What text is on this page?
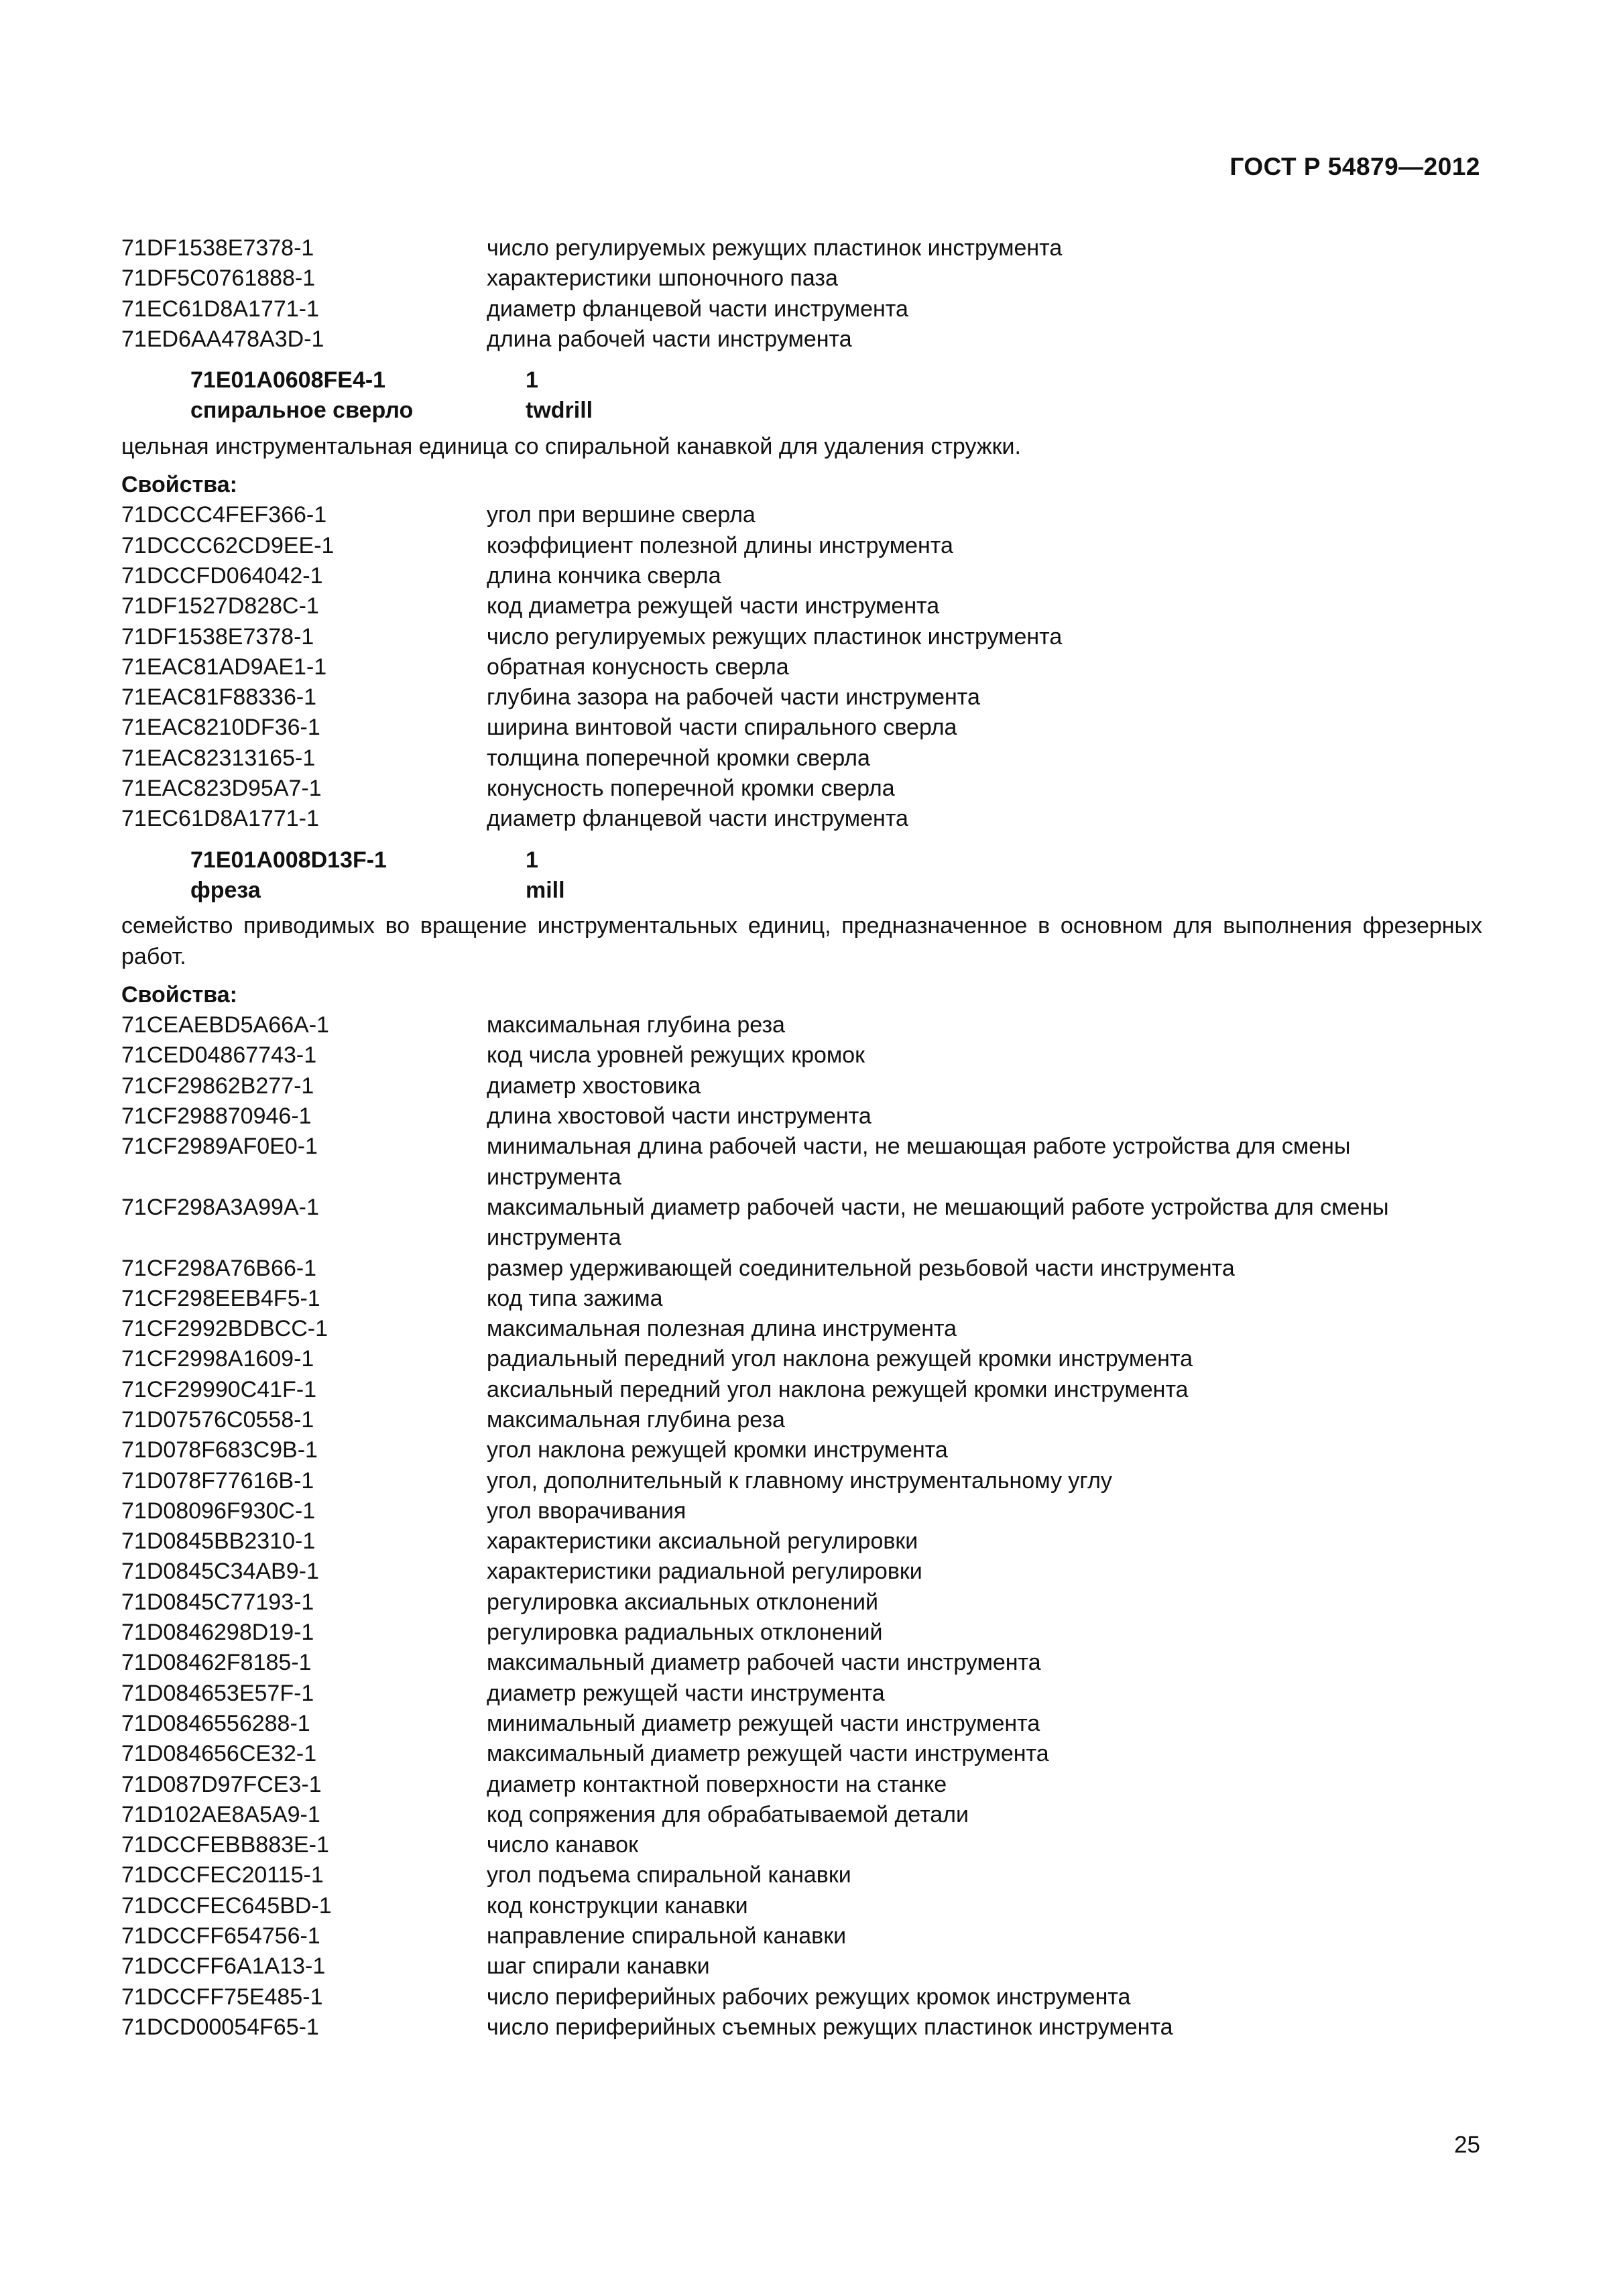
ГОСТ Р 54879—2012
71DF1538E7378-1	число регулируемых режущих пластинок инструмента
71DF5C0761888-1	характеристики шпоночного паза
71EC61D8A1771-1	диаметр фланцевой части инструмента
71ED6AA478A3D-1	длина рабочей части инструмента
71E01A0608FE4-1	1
спиральное сверло	twdrill
цельная инструментальная единица со спиральной канавкой для удаления стружки.
Свойства:
71DCCC4FEF366-1	угол при вершине сверла
71DCCC62CD9EE-1	коэффициент полезной длины инструмента
71DCCFD064042-1	длина кончика сверла
71DF1527D828C-1	код диаметра режущей части инструмента
71DF1538E7378-1	число регулируемых режущих пластинок инструмента
71EAC81AD9AE1-1	обратная конусность сверла
71EAC81F88336-1	глубина зазора на рабочей части инструмента
71EAC8210DF36-1	ширина винтовой части спирального сверла
71EAC82313165-1	толщина поперечной кромки сверла
71EAC823D95A7-1	конусность поперечной кромки сверла
71EC61D8A1771-1	диаметр фланцевой части инструмента
71E01A008D13F-1	1
фреза	mill
семейство приводимых во вращение инструментальных единиц, предназначенное в основном для выполнения фрезерных работ.
Свойства:
71CEAEBD5A66A-1	максимальная глубина реза
71CED04867743-1	код числа уровней режущих кромок
71CF29862B277-1	диаметр хвостовика
71CF298870946-1	длина хвостовой части инструмента
71CF2989AF0E0-1	минимальная длина рабочей части, не мешающая работе устройства для смены инструмента
71CF298A3A99A-1	максимальный диаметр рабочей части, не мешающий работе устройства для смены инструмента
71CF298A76B66-1	размер удерживающей соединительной резьбовой части инструмента
71CF298EEB4F5-1	код типа зажима
71CF2992BDBCC-1	максимальная полезная длина инструмента
71CF2998A1609-1	радиальный передний угол наклона режущей кромки инструмента
71CF29990C41F-1	аксиальный передний угол наклона режущей кромки инструмента
71D07576C0558-1	максимальная глубина реза
71D078F683C9B-1	угол наклона режущей кромки инструмента
71D078F77616B-1	угол, дополнительный к главному инструментальному углу
71D08096F930C-1	угол вворачивания
71D0845BB2310-1	характеристики аксиальной регулировки
71D0845C34AB9-1	характеристики радиальной регулировки
71D0845C77193-1	регулировка аксиальных отклонений
71D0846298D19-1	регулировка радиальных отклонений
71D08462F8185-1	максимальный диаметр рабочей части инструмента
71D084653E57F-1	диаметр режущей части инструмента
71D0846556288-1	минимальный диаметр режущей части инструмента
71D084656CE32-1	максимальный диаметр режущей части инструмента
71D087D97FCE3-1	диаметр контактной поверхности на станке
71D102AE8A5A9-1	код сопряжения для обрабатываемой детали
71DCCFEBB883E-1	число канавок
71DCCFEC20115-1	угол подъема спиральной канавки
71DCCFEC645BD-1	код конструкции канавки
71DCCFF654756-1	направление спиральной канавки
71DCCFF6A1A13-1	шаг спирали канавки
71DCCFF75E485-1	число периферийных рабочих режущих кромок инструмента
71DCD00054F65-1	число периферийных съемных режущих пластинок инструмента
25
